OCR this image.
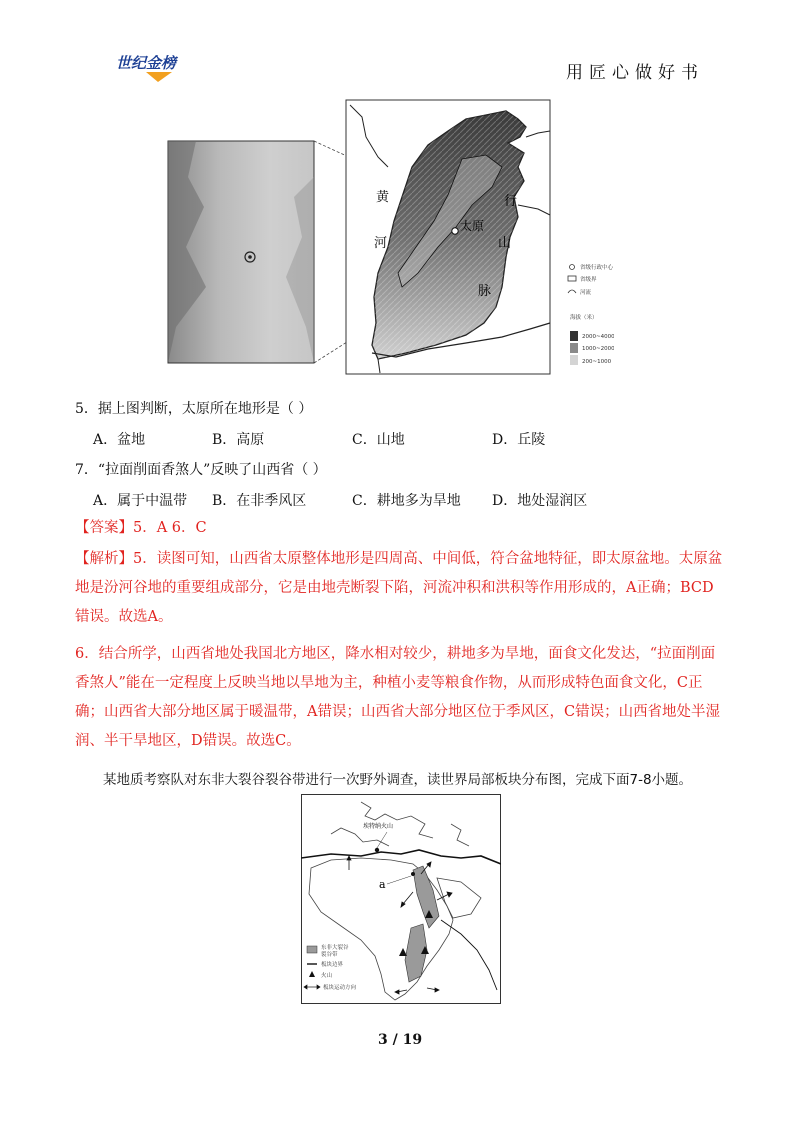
世纪金榜	用匠心做好书
黄
河
行
太原
山
脉
省级行政中心
省级界
河流
海拔（米）
2000~4000
1000~2000
200~1000
5．据上图判断，太原所在地形是（ ）
A．盆地	B．高原	C．山地	D．丘陵
7．“拉面削面香煞人”反映了山西省（ ）
A．属于中温带 B．在非季风区	C．耕地多为旱地 D．地处湿润区
【答案】5．A 6．C
【解析】5．读图可知，山西省太原整体地形是四周高、中间低，符合盆地特征，即太原盆地。太原盆地是汾河谷地的重要组成部分，它是由地壳断裂下陷，河流冲积和洪积等作用形成的，A正确；BCD错误。故选A。
6．结合所学，山西省地处我国北方地区，降水相对较少，耕地多为旱地，面食文化发达，“拉面削面香煞人”能在一定程度上反映当地以旱地为主，种植小麦等粮食作物，从而形成特色面食文化，C正确；山西省大部分地区属于暖温带，A错误；山西省大部分地区位于季风区，C错误；山西省地处半湿润、半干旱地区，D错误。故选C。
某地质考察队对东非大裂谷裂谷带进行一次野外调查，读世界局部板块分布图，完成下面7-8小题。
埃特纳火山
a
东非大裂谷
裂谷带
板块边界
火山
板块运动方向
3 / 19
